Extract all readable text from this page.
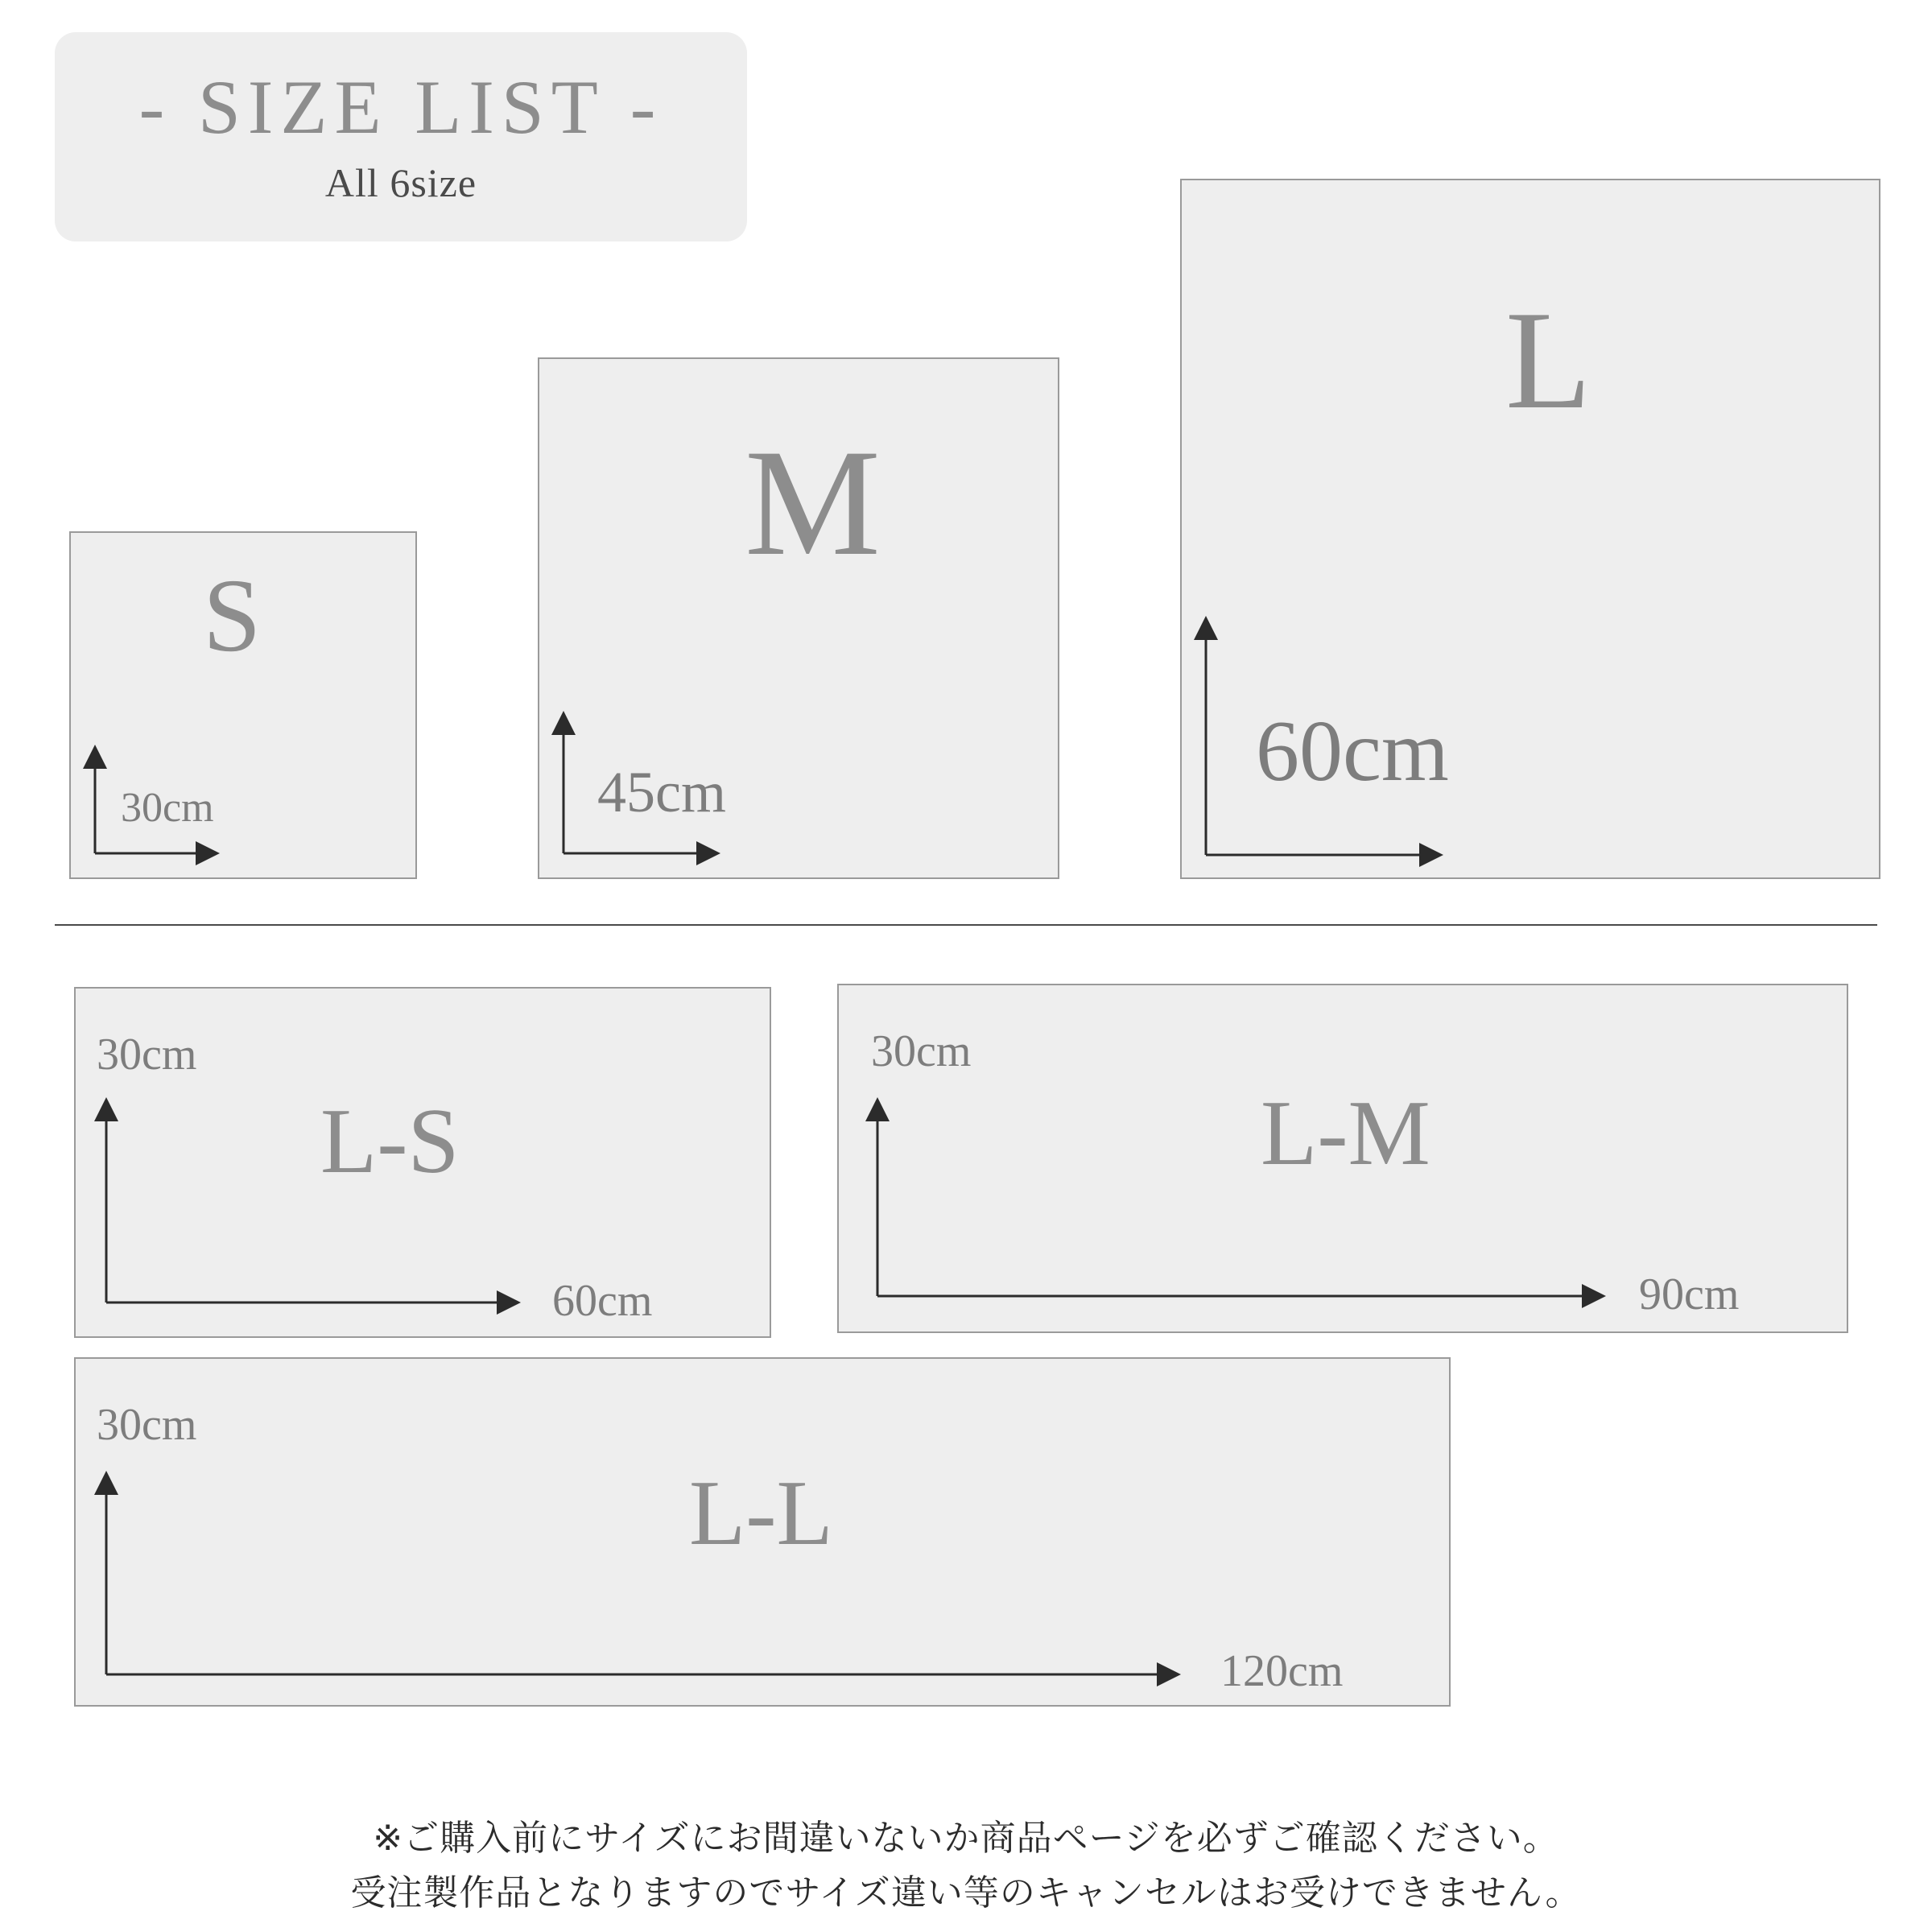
- SIZE LIST -
All 6size
S
30cm
M
45cm
L
60cm
L-S
30cm
60cm
L-M
30cm
90cm
L-L
30cm
120cm
※ご購入前にサイズにお間違いないか商品ページを必ずご確認ください。
受注製作品となりますのでサイズ違い等のキャンセルはお受けできません。
